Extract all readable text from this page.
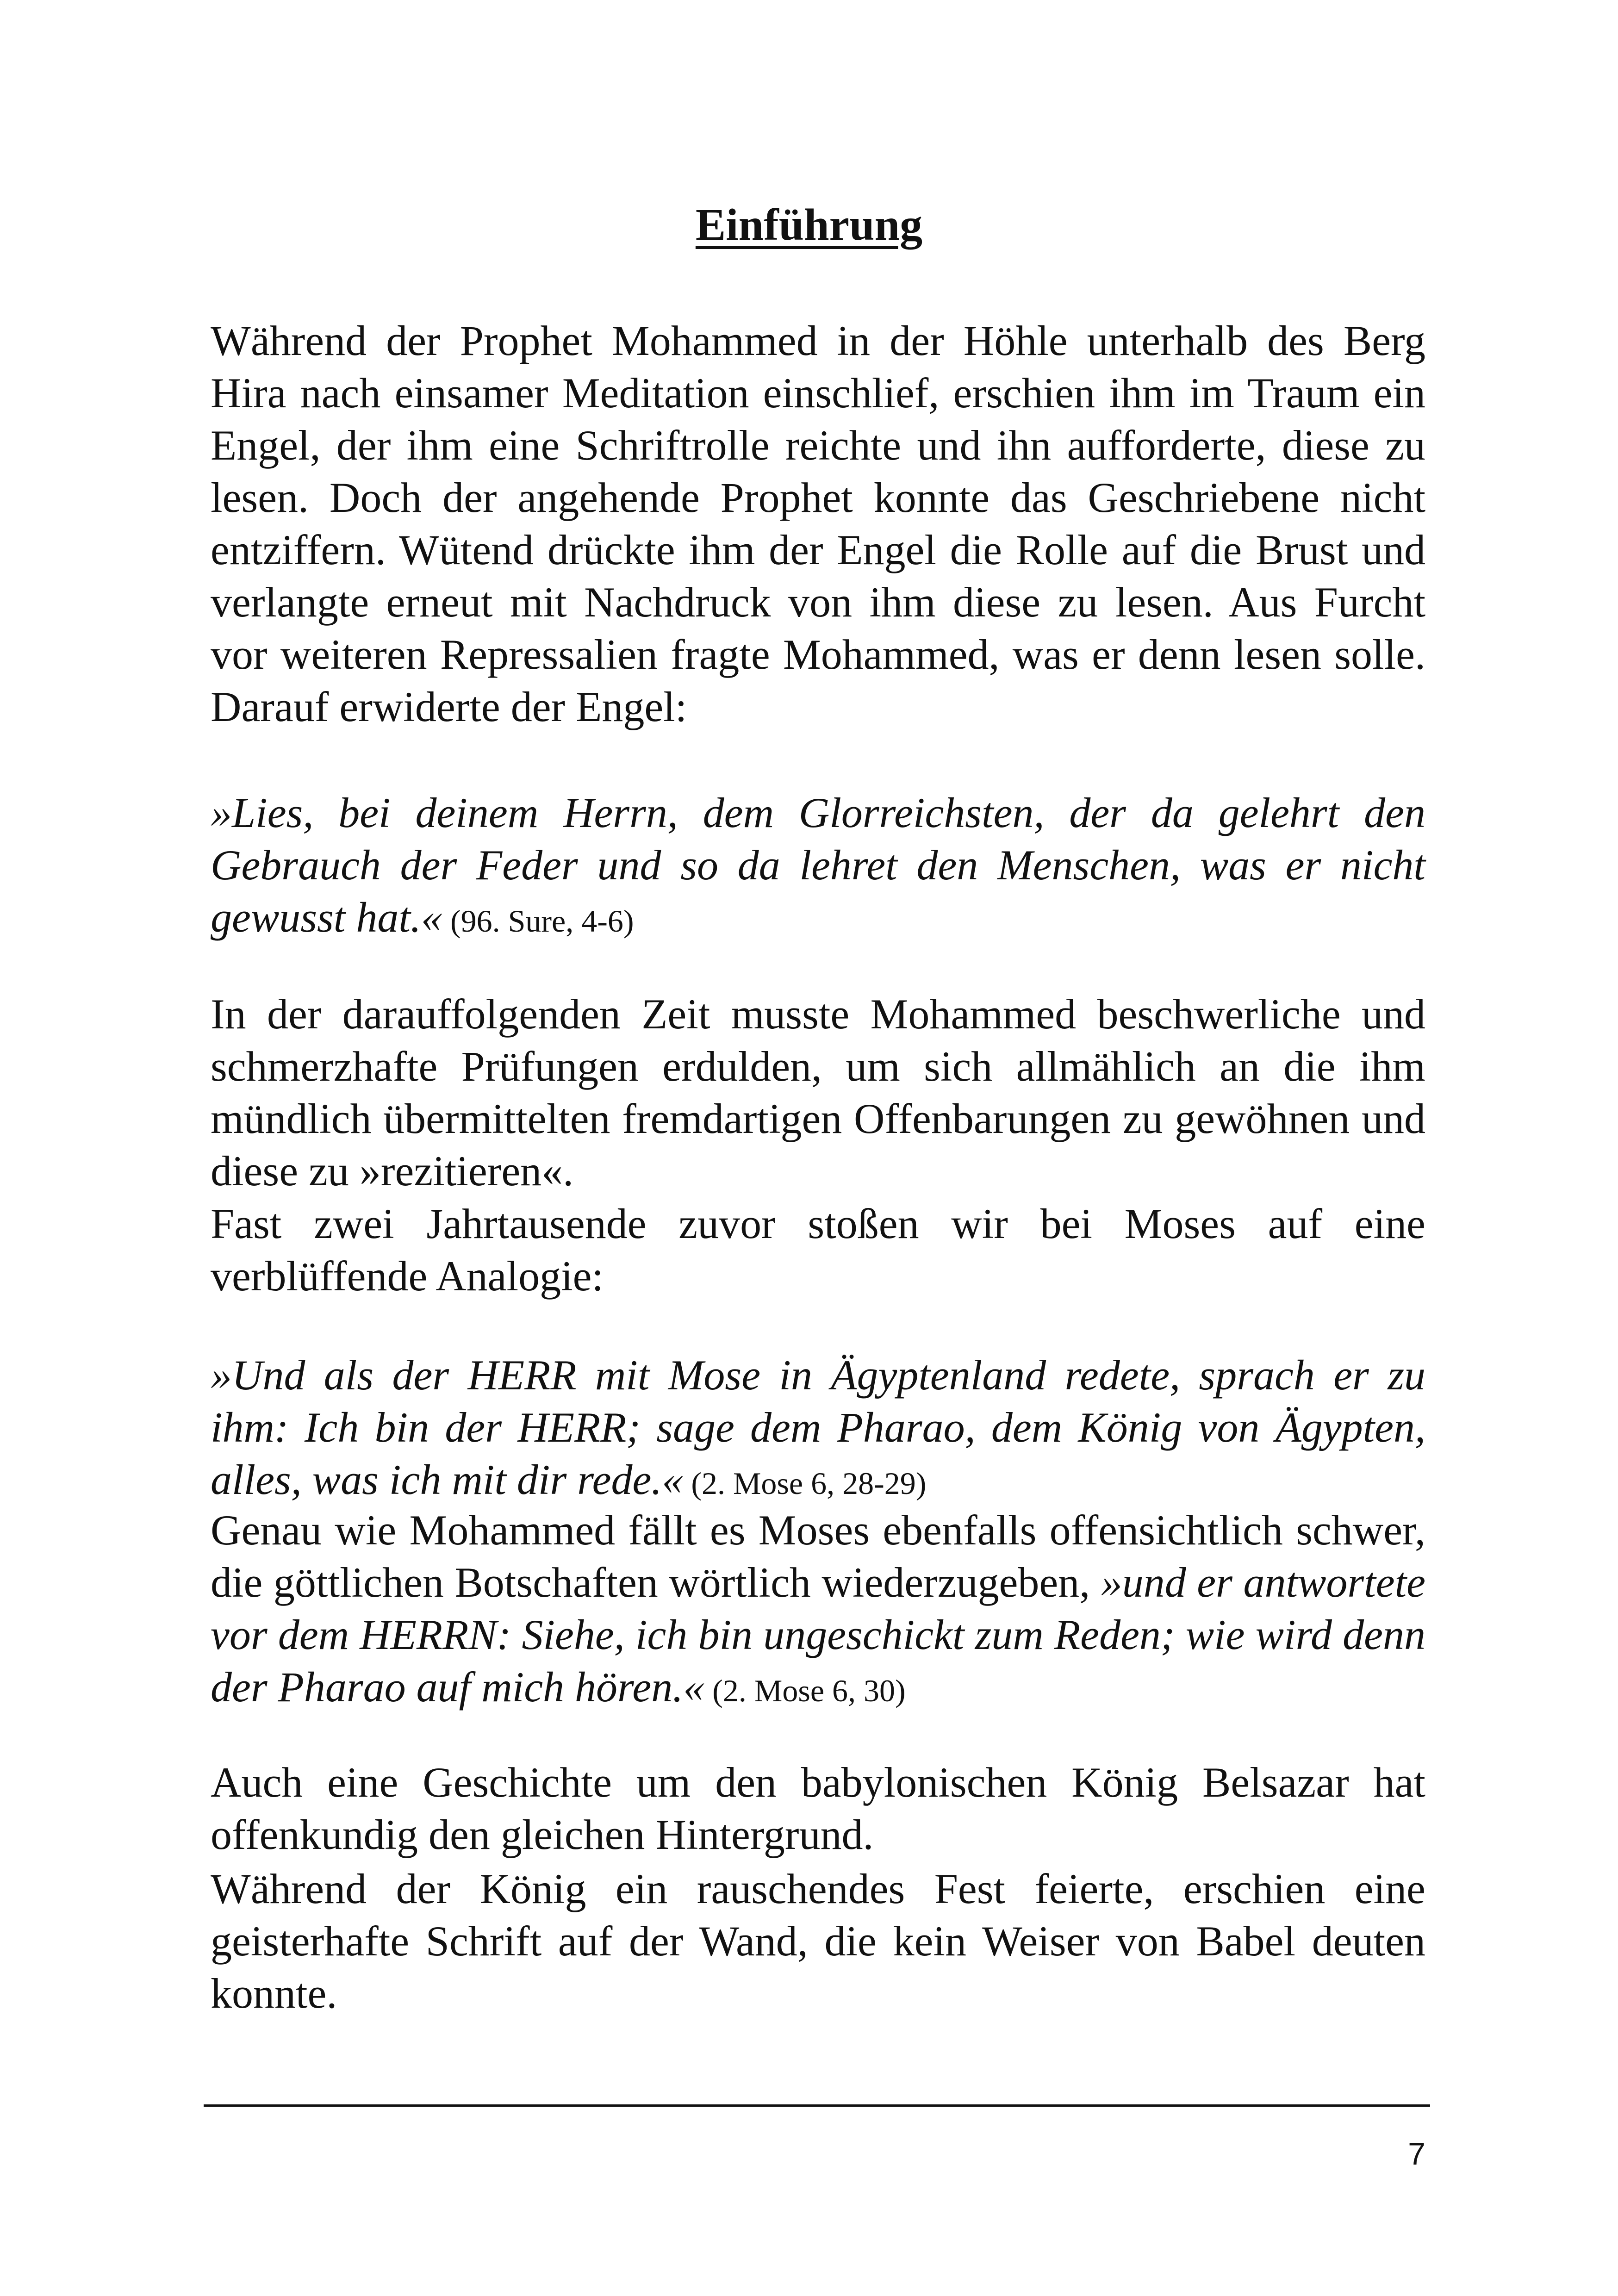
Einführung

Während der Prophet Mohammed in der Höhle unterhalb des Berg Hira nach einsamer Meditation einschlief, erschien ihm im Traum ein Engel, der ihm eine Schriftrolle reichte und ihn aufforderte, diese zu lesen. Doch der angehende Prophet konnte das Geschriebene nicht entziffern. Wütend drückte ihm der Engel die Rolle auf die Brust und verlangte erneut mit Nachdruck von ihm diese zu lesen. Aus Furcht vor weiteren Repressalien fragte Mohammed, was er denn lesen solle. Darauf erwiderte der Engel:

»Lies, bei deinem Herrn, dem Glorreichsten, der da gelehrt den Gebrauch der Feder und so da lehret den Menschen, was er nicht gewusst hat.« (96. Sure, 4-6)

In der darauffolgenden Zeit musste Mohammed beschwerliche und schmerzhafte Prüfungen erdulden, um sich allmählich an die ihm mündlich übermittelten fremdartigen Offenbarungen zu gewöhnen und diese zu »rezitieren«.

Fast zwei Jahrtausende zuvor stoßen wir bei Moses auf eine verblüffende Analogie:

»Und als der HERR mit Mose in Ägyptenland redete, sprach er zu ihm: Ich bin der HERR; sage dem Pharao, dem König von Ägypten, alles, was ich mit dir rede.« (2. Mose 6, 28-29)

Genau wie Mohammed fällt es Moses ebenfalls offensichtlich schwer, die göttlichen Botschaften wörtlich wiederzugeben, »und er antwortete vor dem HERRN: Siehe, ich bin ungeschickt zum Reden; wie wird denn der Pharao auf mich hören.« (2. Mose 6, 30)

Auch eine Geschichte um den babylonischen König Belsazar hat offenkundig den gleichen Hintergrund.

Während der König ein rauschendes Fest feierte, erschien eine geisterhafte Schrift auf der Wand, die kein Weiser von Babel deuten konnte.

7
